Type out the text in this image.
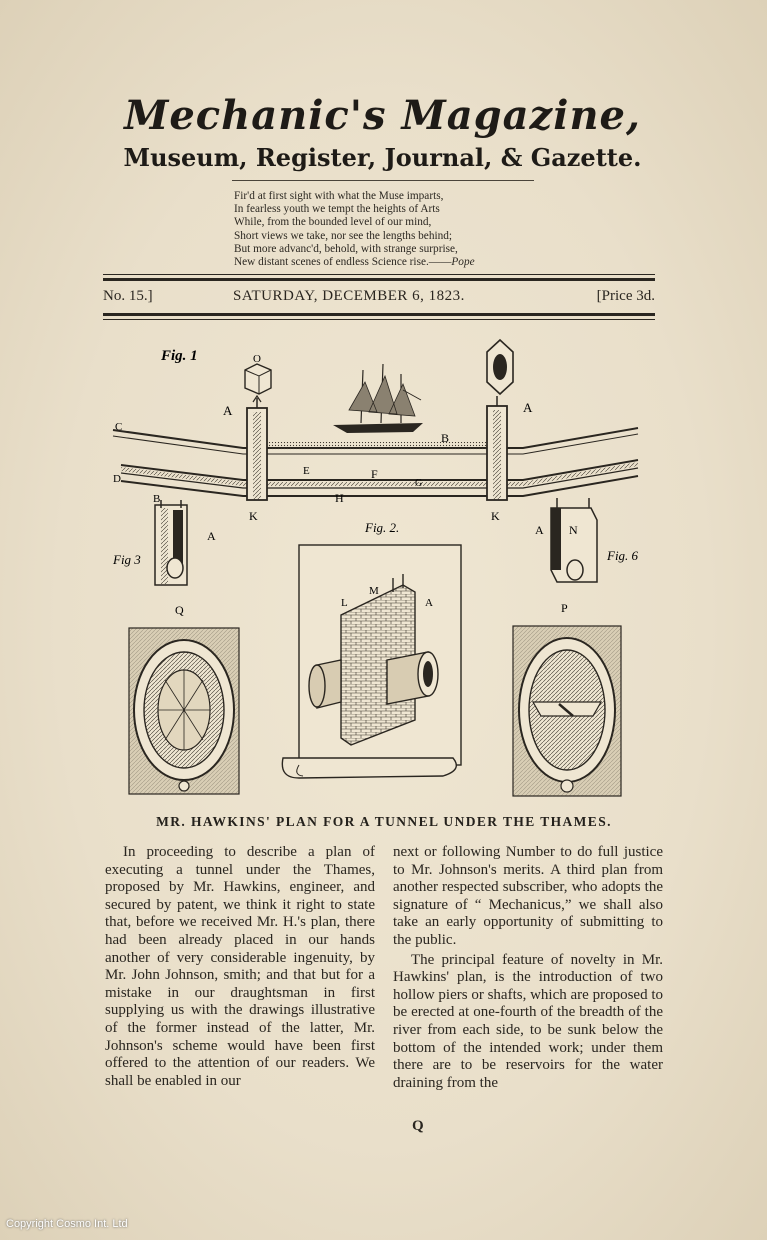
Mechanic's Magazine,
Museum, Register, Journal, & Gazette.
Fir'd at first sight with what the Muse imparts,
In fearless youth we tempt the heights of Arts
While, from the bounded level of our mind,
Short views we take, nor see the lengths behind;
But more advanc'd, behold, with strange surprise,
New distant scenes of endless Science rise.——Pope
No. 15.]	SATURDAY, DECEMBER 6, 1823.	[Price 3d.
Fig. 1	O
A	A
B
C
D
E	F
G
H
K	K
B
A
Fig 3
Q
A N
Fig. 6
P
Fig. 2.
L
M
A
MR. HAWKINS' PLAN FOR A TUNNEL UNDER THE THAMES.

In proceeding to describe a plan of executing a tunnel under the Thames, proposed by Mr. Hawkins, engineer, and secured by patent, we think it right to state that, before we received Mr. H.'s plan, there had been already placed in our hands another of very considerable ingenuity, by Mr. John Johnson, smith; and that but for a mistake in our draughtsman in first supplying us with the drawings illustrative of the former instead of the latter, Mr. Johnson's scheme would have been first offered to the attention of our readers. We shall be enabled in our

next or following Number to do full justice to Mr. Johnson's merits. A third plan from another respected subscriber, who adopts the signature of “ Mechanicus,” we shall also take an early opportunity of submitting to the public.

The principal feature of novelty in Mr. Hawkins' plan, is the introduction of two hollow piers or shafts, which are proposed to be erected at one-fourth of the breadth of the river from each side, to be sunk below the bottom of the intended work; under them there are to be reservoirs for the water draining from the

Q
Copyright Cosmo Int. Ltd
